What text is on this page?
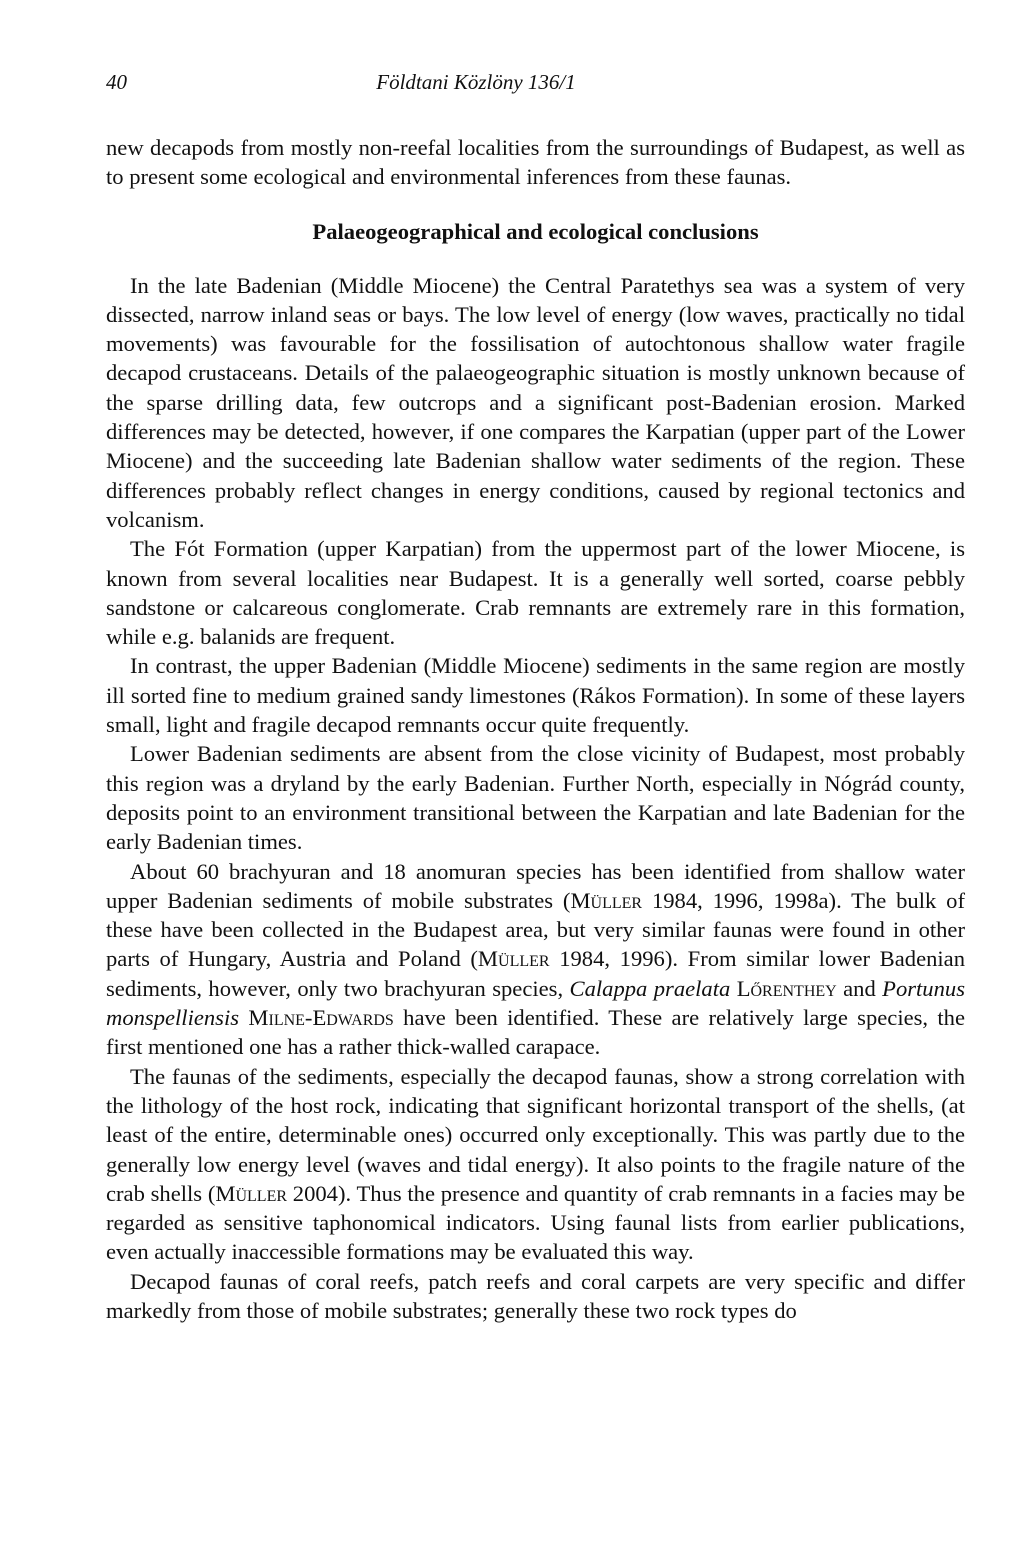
40	Földtani Közlöny 136/1

new decapods from mostly non-reefal localities from the surroundings of Budapest, as well as to present some ecological and environmental inferences from these faunas.

Palaeogeographical and ecological conclusions

In the late Badenian (Middle Miocene) the Central Paratethys sea was a system of very dissected, narrow inland seas or bays. The low level of energy (low waves, practically no tidal movements) was favourable for the fossilisation of autochtonous shallow water fragile decapod crustaceans. Details of the palaeogeographic situation is mostly unknown because of the sparse drilling data, few outcrops and a significant post-Badenian erosion. Marked differences may be detected, however, if one compares the Karpatian (upper part of the Lower Miocene) and the succeeding late Badenian shallow water sediments of the region. These differences probably reflect changes in energy conditions, caused by regional tectonics and volcanism.

The Fót Formation (upper Karpatian) from the uppermost part of the lower Miocene, is known from several localities near Budapest. It is a generally well sorted, coarse pebbly sandstone or calcareous conglomerate. Crab remnants are extremely rare in this formation, while e.g. balanids are frequent.

In contrast, the upper Badenian (Middle Miocene) sediments in the same region are mostly ill sorted fine to medium grained sandy limestones (Rákos Formation). In some of these layers small, light and fragile decapod remnants occur quite frequently.

Lower Badenian sediments are absent from the close vicinity of Budapest, most probably this region was a dryland by the early Badenian. Further North, especially in Nógrád county, deposits point to an environment transitional between the Karpatian and late Badenian for the early Badenian times.

About 60 brachyuran and 18 anomuran species has been identified from shallow water upper Badenian sediments of mobile substrates (Müller 1984, 1996, 1998a). The bulk of these have been collected in the Budapest area, but very similar faunas were found in other parts of Hungary, Austria and Poland (Müller 1984, 1996). From similar lower Badenian sediments, however, only two brachyuran species, Calappa praelata Lőrenthey and Portunus monspelliensis Milne-Edwards have been identified. These are relatively large species, the first mentioned one has a rather thick-walled carapace.

The faunas of the sediments, especially the decapod faunas, show a strong correlation with the lithology of the host rock, indicating that significant horizontal transport of the shells, (at least of the entire, determinable ones) occurred only exceptionally. This was partly due to the generally low energy level (waves and tidal energy). It also points to the fragile nature of the crab shells (Müller 2004). Thus the presence and quantity of crab remnants in a facies may be regarded as sensitive taphonomical indicators. Using faunal lists from earlier publications, even actually inaccessible formations may be evaluated this way.

Decapod faunas of coral reefs, patch reefs and coral carpets are very specific and differ markedly from those of mobile substrates; generally these two rock types do
